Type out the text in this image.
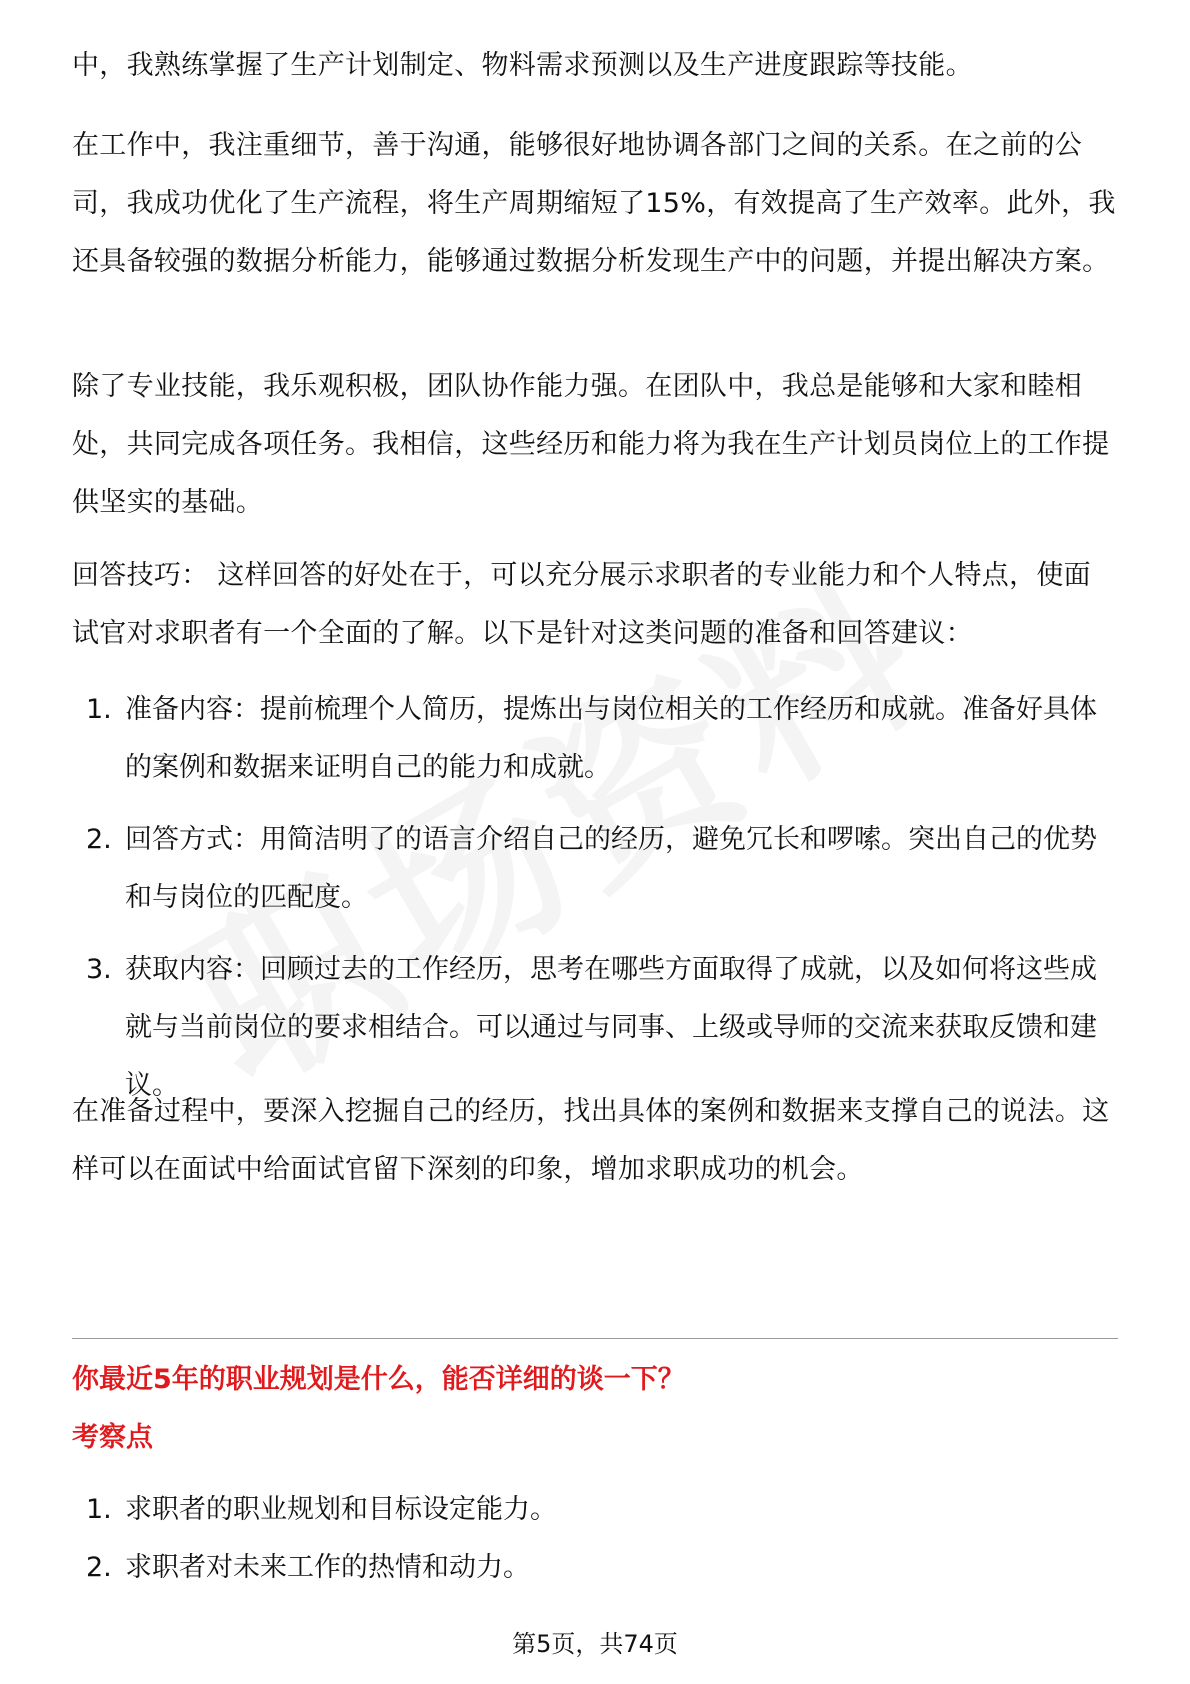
中，我熟练掌握了生产计划制定、物料需求预测以及生产进度跟踪等技能。

在工作中，我注重细节，善于沟通，能够很好地协调各部门之间的关系。在之前的公司，我成功优化了生产流程，将生产周期缩短了15%，有效提高了生产效率。此外，我还具备较强的数据分析能力，能够通过数据分析发现生产中的问题，并提出解决方案。

除了专业技能，我乐观积极，团队协作能力强。在团队中，我总是能够和大家和睦相处，共同完成各项任务。我相信，这些经历和能力将为我在生产计划员岗位上的工作提供坚实的基础。

回答技巧： 这样回答的好处在于，可以充分展示求职者的专业能力和个人特点，使面试官对求职者有一个全面的了解。以下是针对这类问题的准备和回答建议：

1. 准备内容：提前梳理个人简历，提炼出与岗位相关的工作经历和成就。准备好具体的案例和数据来证明自己的能力和成就。
2. 回答方式：用简洁明了的语言介绍自己的经历，避免冗长和啰嗦。突出自己的优势和与岗位的匹配度。
3. 获取内容：回顾过去的工作经历，思考在哪些方面取得了成就，以及如何将这些成就与当前岗位的要求相结合。可以通过与同事、上级或导师的交流来获取反馈和建议。

在准备过程中，要深入挖掘自己的经历，找出具体的案例和数据来支撑自己的说法。这样可以在面试中给面试官留下深刻的印象，增加求职成功的机会。

你最近5年的职业规划是什么，能否详细的谈一下？
考察点
1. 求职者的职业规划和目标设定能力。
2. 求职者对未来工作的热情和动力。
第5页，共74页
